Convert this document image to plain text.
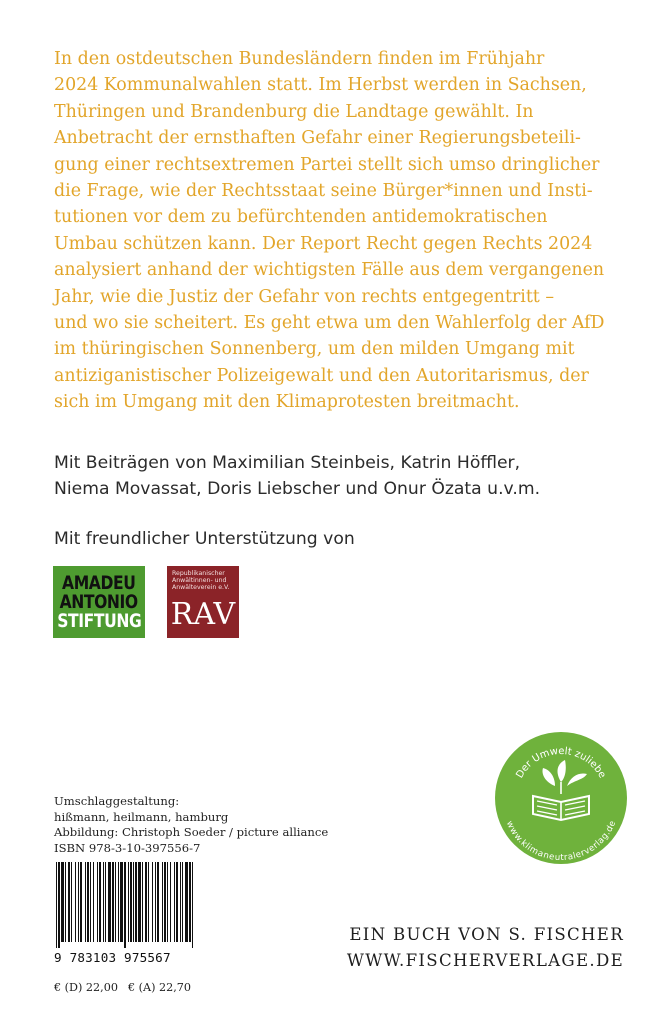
In den ostdeutschen Bundesländern finden im Frühjahr
2024 Kommunalwahlen statt. Im Herbst werden in Sachsen,
Thüringen und Brandenburg die Landtage gewählt. In
Anbetracht der ernsthaften Gefahr einer Regierungsbeteili-
gung einer rechtsextremen Partei stellt sich umso dringlicher
die Frage, wie der Rechtsstaat seine Bürger*innen und Insti-
tutionen vor dem zu befürchtenden antidemokratischen
Umbau schützen kann. Der Report Recht gegen Rechts 2024
analysiert anhand der wichtigsten Fälle aus dem vergangenen
Jahr, wie die Justiz der Gefahr von rechts entgegentritt –
und wo sie scheitert. Es geht etwa um den Wahlerfolg der AfD
im thüringischen Sonnenberg, um den milden Umgang mit
antiziganistischer Polizeigewalt und den Autoritarismus, der
sich im Umgang mit den Klimaprotesten breitmacht.

Mit Beiträgen von Maximilian Steinbeis, Katrin Höffler,
Niema Movassat, Doris Liebscher und Onur Özata u.v.m.

Mit freundlicher Unterstützung von

AMADEU
ANTONIO
STIFTUNG
Republikanischer
Anwältinnen- und
Anwälteverein e.V.
RAV
Umschlaggestaltung:
hißmann, heilmann, hamburg
Abbildung: Christoph Soeder / picture alliance
ISBN 978-3-10-397556-7
9 783103 975567
€ (D) 22,00 € (A) 22,70
EIN BUCH VON S. FISCHER
WWW.FISCHERVERLAGE.DE
Der Umwelt zuliebe
www.klimaneutralerverlag.de
